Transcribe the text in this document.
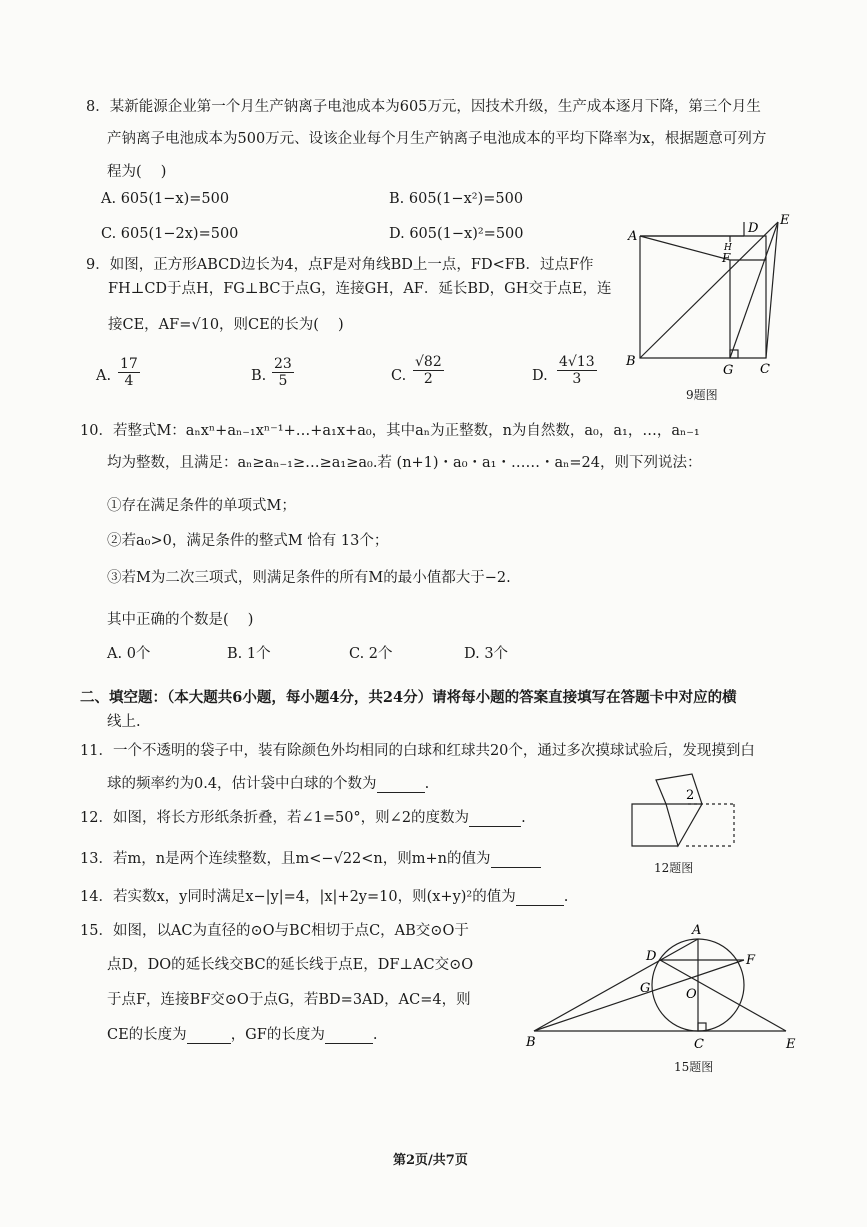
8．某新能源企业第一个月生产钠离子电池成本为605万元，因技术升级，生产成本逐月下降，第三个月生
产钠离子电池成本为500万元、设该企业每个月生产钠离子电池成本的平均下降率为x，根据题意可列方
程为(　 )
A. 605(1−x)=500	B. 605(1−x²)=500
C. 605(1−2x)=500	D. 605(1−x)²=500
9．如图，正方形ABCD边长为4，点F是对角线BD上一点，FD<FB．过点F作
FH⊥CD于点H，FG⊥BC于点G，连接GH，AF．延长BD，GH交于点E，连
接CE，AF=√10，则CE的长为(　 )
A. $\frac{17}{4}$	B. $\frac{23}{5}$	C. $\frac{√82}{2}$	D. $\frac{4√13}{3}$
A
B
C
D
E
F
G
H
9题图
10．若整式M：aₙxⁿ+aₙ₋₁xⁿ⁻¹+…+a₁x+a₀，其中aₙ为正整数，n为自然数，a₀，a₁，…，aₙ₋₁
均为整数，且满足：aₙ≥aₙ₋₁≥…≥a₁≥a₀.若 (n+1)・a₀・a₁・……・aₙ=24，则下列说法：
①存在满足条件的单项式M；
②若a₀>0，满足条件的整式M 恰有 13个；
③若M为二次三项式，则满足条件的所有M的最小值都大于−2.
其中正确的个数是(　 )
A. 0个	B. 1个	C. 2个	D. 3个
二、填空题：（本大题共6小题，每小题4分，共24分）请将每小题的答案直接填写在答题卡中对应的横
线上.
11．一个不透明的袋子中，装有除颜色外均相同的白球和红球共20个，通过多次摸球试验后，发现摸到白
球的频率约为0.4，估计袋中白球的个数为	.
12．如图，将长方形纸条折叠，若∠1=50°，则∠2的度数为	.
2
12题图
13．若m，n是两个连续整数，且m<−√22<n，则m+n的值为
14．若实数x，y同时满足x−|y|=4，|x|+2y=10，则(x+y)²的值为	.
15．如图，以AC为直径的⊙O与BC相切于点C，AB交⊙O于
点D，DO的延长线交BC的延长线于点E，DF⊥AC交⊙O
于点F，连接BF交⊙O于点G，若BD=3AD，AC=4，则
CE的长度为	，GF的长度为	.
A
B	C
D
E
F
G	O
15题图
第2页/共7页
